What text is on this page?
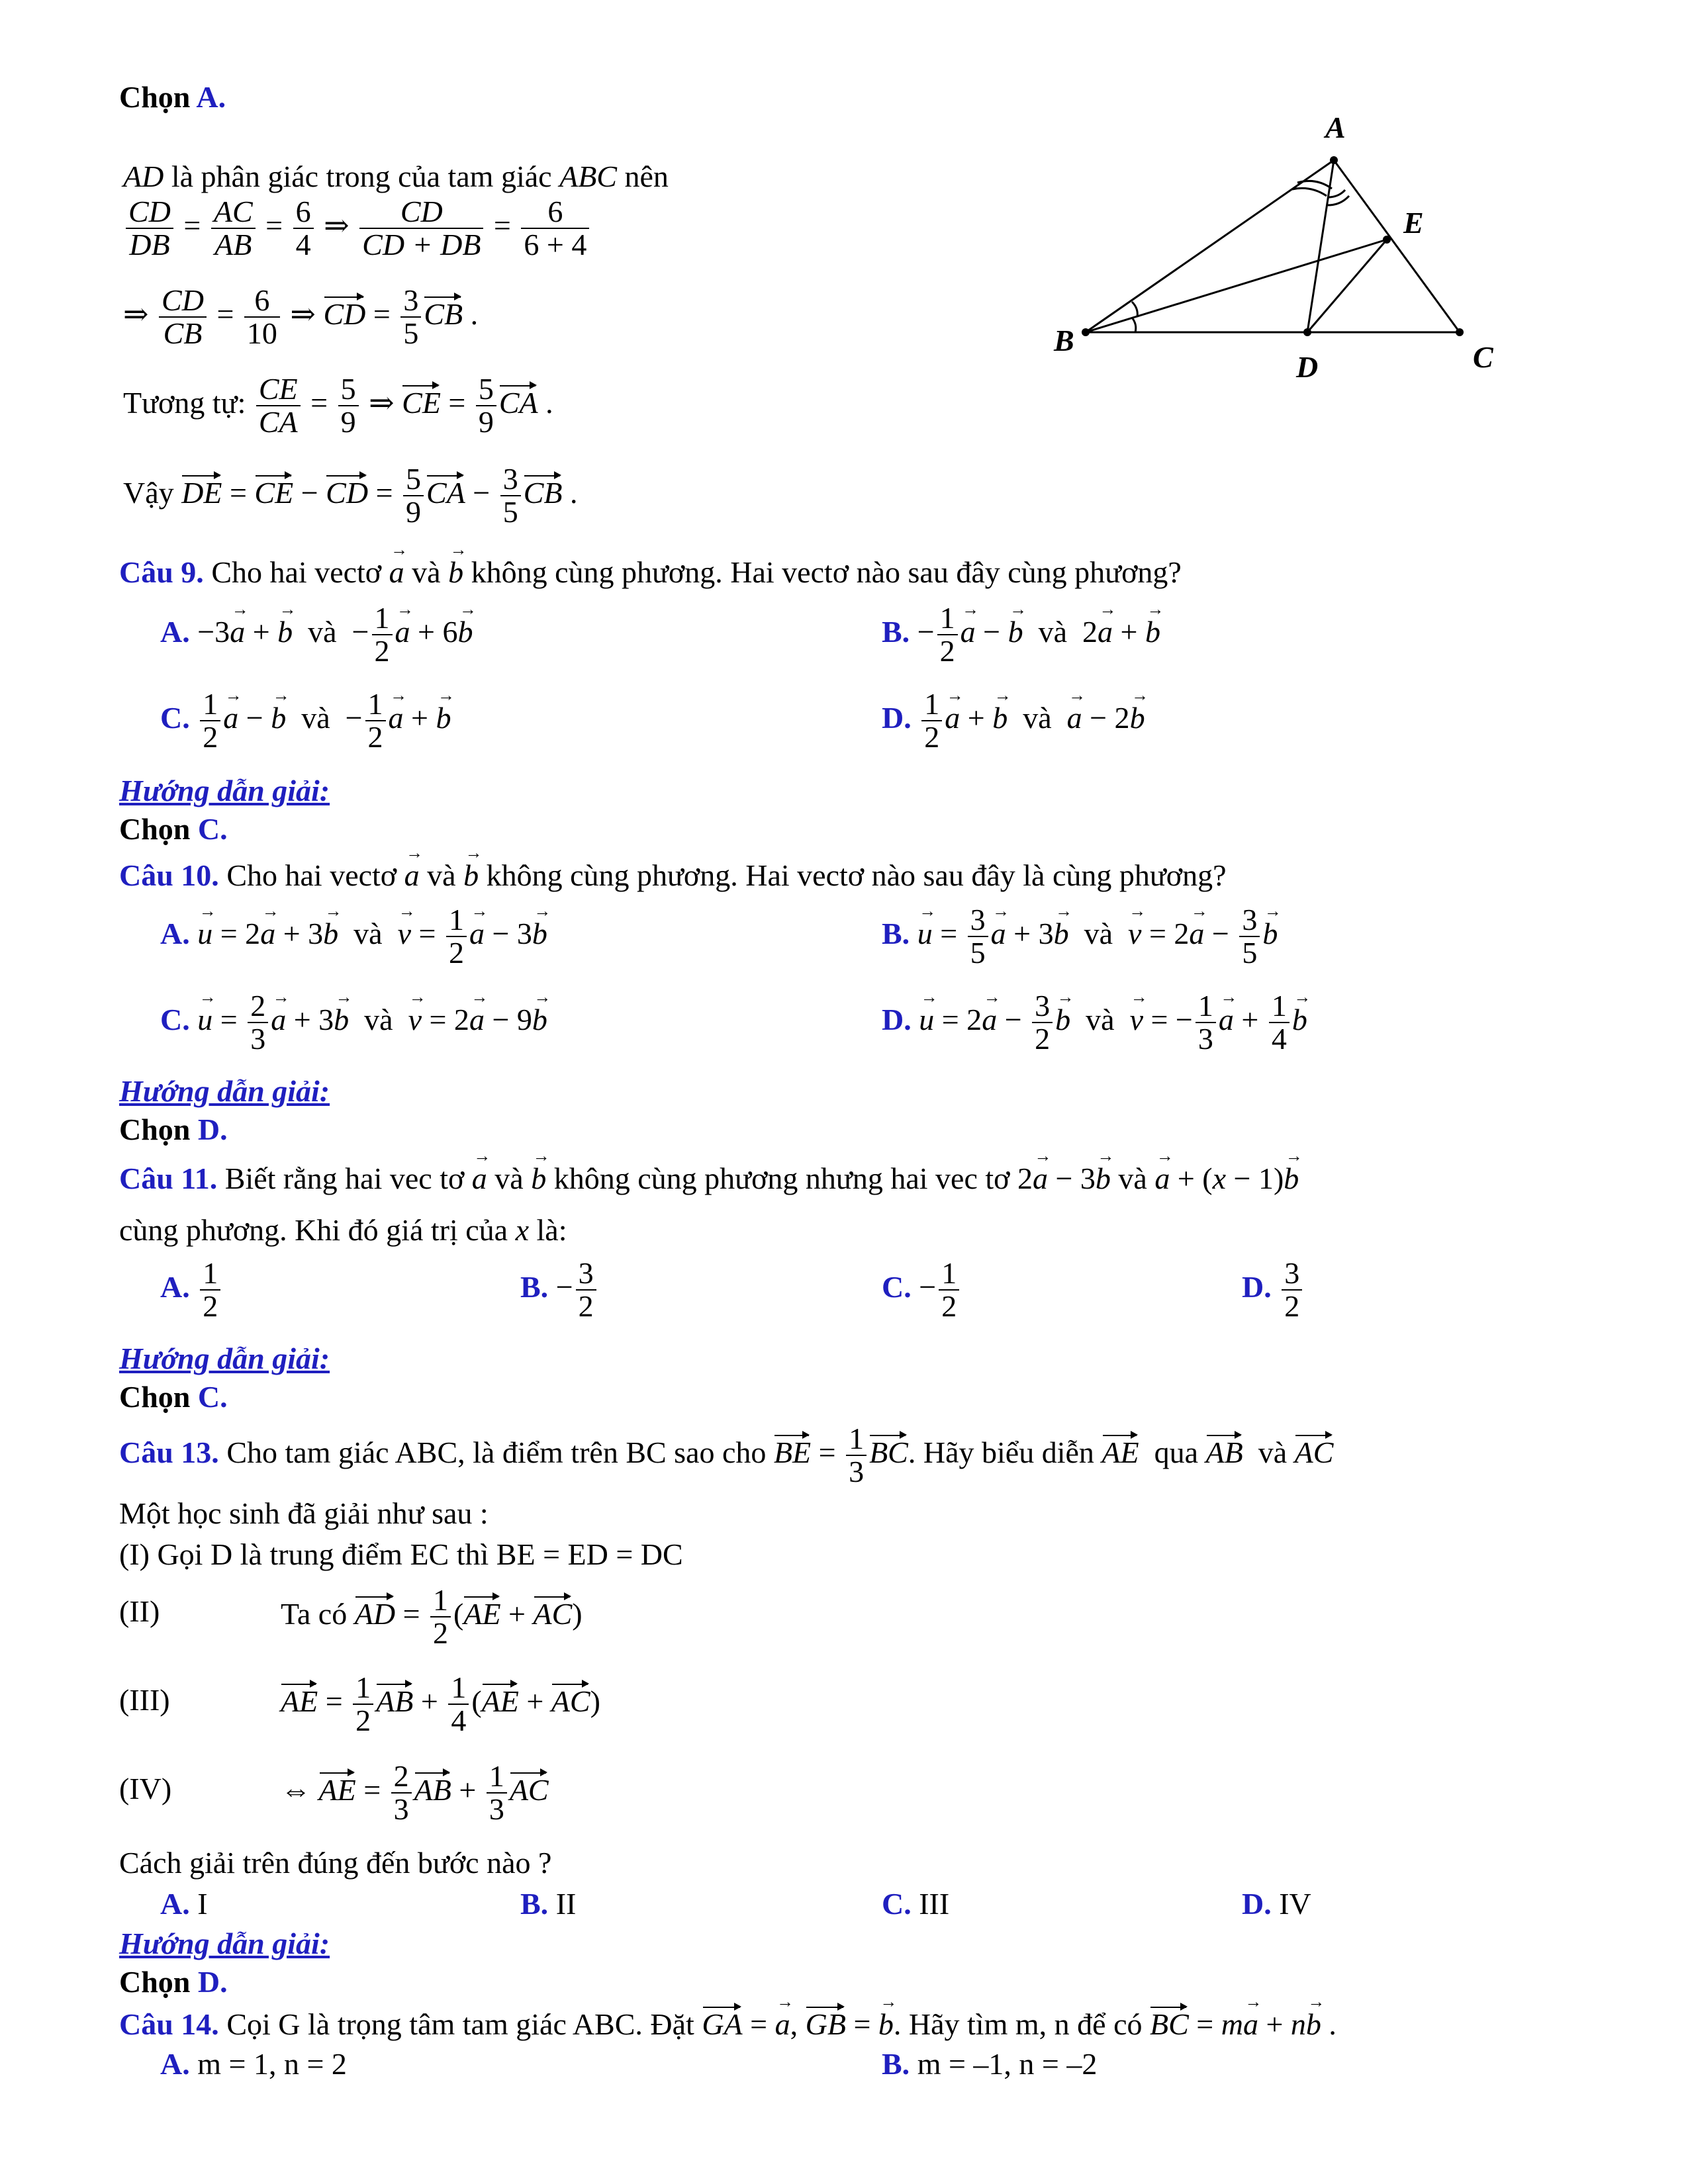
Chọn A.
AD là phân giác trong của tam giác ABC nên
$\frac{CD}{DB} = \frac{AC}{AB} = \frac{6}{4}$ ⇒ $\frac{CD}{CD + DB} = \frac{6}{6 + 4}$
⇒ $\frac{CD}{CB} = \frac{6}{10}$ ⇒ CD = $\frac{3}{5}$ CB .
Tương tự: $\frac{CE}{CA} = \frac{5}{9}$ ⇒ CE = $\frac{5}{9}$ CA .
Vậy DE = CE − CD = $\frac{5}{9}$ CA − $\frac{3}{5}$ CB .
A
B	C
D
E
Câu 9. Cho hai vectơ → a và → b không cùng phương. Hai vectơ nào sau đây cùng phương?
A. −3→ a + → b  và  − $\frac{1}{2}$
→ a + 6→ b	B. − $\frac{1}{2}$
→ a − → b  và  2→ a + → b
C. $\frac{1}{2}$
→ a − → b  và  − $\frac{1}{2}$
→ a + → b	D. $\frac{1}{2}$
→ a + → b  và  → a − 2→ b
Hướng dẫn giải:
Chọn C.
Câu 10. Cho hai vectơ → a và → b không cùng phương. Hai vectơ nào sau đây là cùng phương?
A. → u = 2→ a + 3→ b  và  → $v = \frac{1}{2}$
→ a − 3→ b	B. → $u = \frac{3}{5}$
→ a + 3→ b  và  → $v = 2\to a - \frac{3}{5}$
→ b
C. → $u = \frac{2}{3}$
→ a + 3→ b  và  → v = 2→ a − 9→ b	D. → $u = 2\to a - \frac{3}{2}$
→ b  và  → v = − $\frac{1}{3}$
→ $a + \frac{1}{4}$
→ b
Hướng dẫn giải:
Chọn D.
Câu 11. Biết rằng hai vec tơ → a và → b không cùng phương nhưng hai vec tơ 2→ a − 3→ b và → a + (x − 1)→ b
cùng phương. Khi đó giá trị của x là:
A. $\frac{1}{2}$	B. − $\frac{3}{2}$	C. − $\frac{1}{2}$	D. $\frac{3}{2}$
Hướng dẫn giải:
Chọn C.
Câu 13. Cho tam giác ABC, là điểm trên BC sao cho BE = $\frac{1}{3}$ BC. Hãy biểu diễn AE qua AB và AC
Một học sinh đã giải như sau :
(I) Gọi D là trung điểm EC thì BE = ED = DC
(II)	Ta có AD = $\frac{1}{2} (AE + AC)$
(III)	AE = $\frac{1}{2}$ AB + $\frac{1}{4} (AE + AC)$
(IV)	⇔ AE = $\frac{2}{3}$ AB + $\frac{1}{3}$ AC
Cách giải trên đúng đến bước nào ?
A. I	B. II	C. III	D. IV
Hướng dẫn giải:
Chọn D.
Câu 14. Cọi G là trọng tâm tam giác ABC. Đặt GA = → a, GB = → b. Hãy tìm m, n để có BC = m→ a + n→ b .
A. m = 1, n = 2	B. m = –1, n = –2
